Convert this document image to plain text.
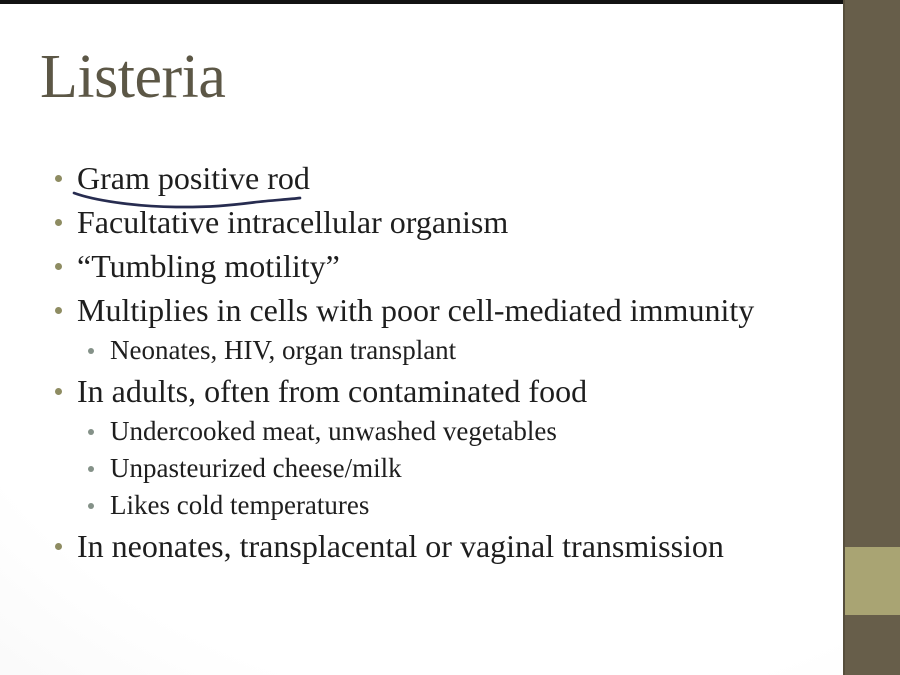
Listeria
Gram positive rod
Facultative intracellular organism
“Tumbling motility”
Multiplies in cells with poor cell-mediated immunity
Neonates, HIV, organ transplant
In adults, often from contaminated food
Undercooked meat, unwashed vegetables
Unpasteurized cheese/milk
Likes cold temperatures
In neonates, transplacental or vaginal transmission
